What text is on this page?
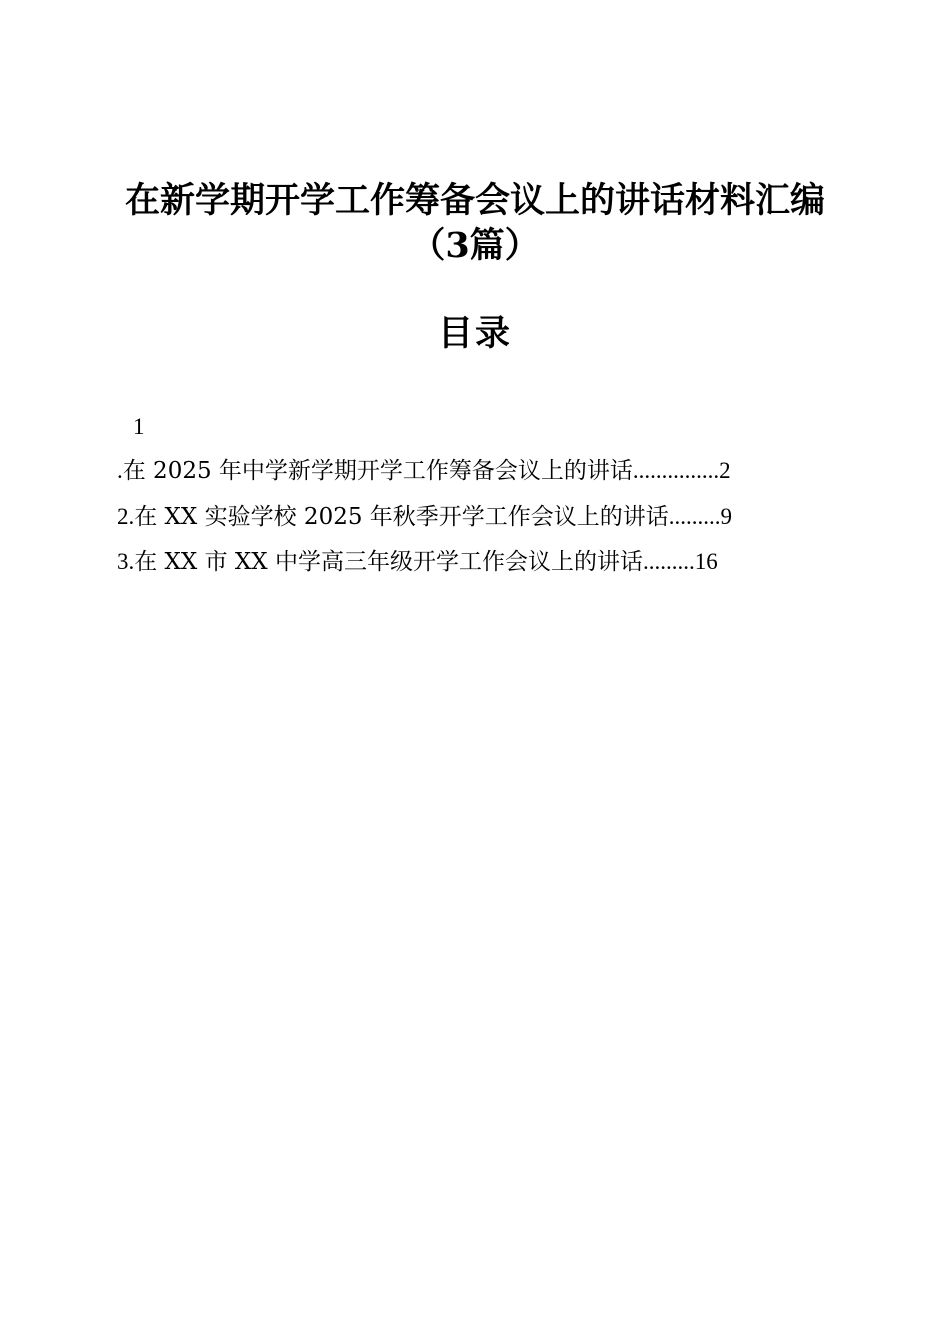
在新学期开学工作筹备会议上的讲话材料汇编
（3篇）
目录
1
.在 2025 年中学新学期开学工作筹备会议上的讲话...............2
2.在 XX 实验学校 2025 年秋季开学工作会议上的讲话.........9
3.在 XX 市 XX 中学高三年级开学工作会议上的讲话.........16
